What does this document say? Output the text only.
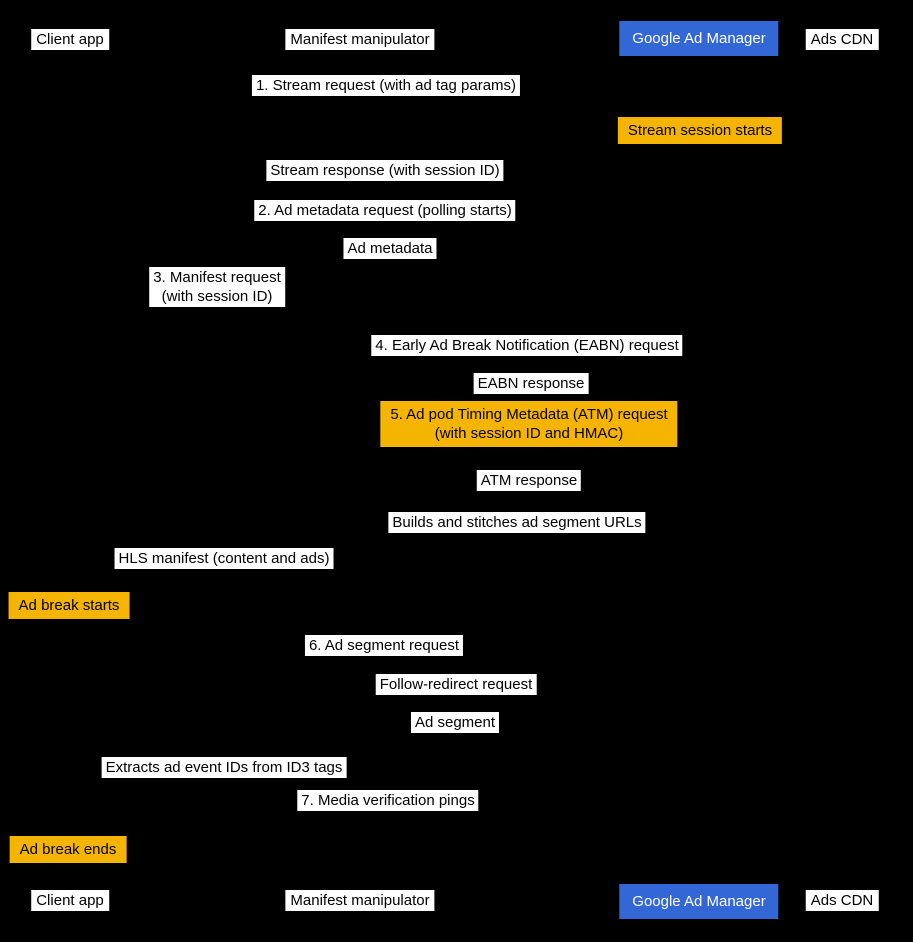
Client app
Client app
Manifest manipulator
Manifest manipulator
Google Ad Manager
Google Ad Manager
Ads CDN
Ads CDN
1. Stream request (with ad tag params)
Stream session starts
Stream response (with session ID)
2. Ad metadata request (polling starts)
Ad metadata
3. Manifest request
(with session ID)
4. Early Ad Break Notification (EABN) request
EABN response
5. Ad pod Timing Metadata (ATM) request
(with session ID and HMAC)
ATM response
Builds and stitches ad segment URLs
HLS manifest (content and ads)
Ad break starts
6. Ad segment request
Follow-redirect request
Ad segment
Extracts ad event IDs from ID3 tags
7. Media verification pings
Ad break ends
